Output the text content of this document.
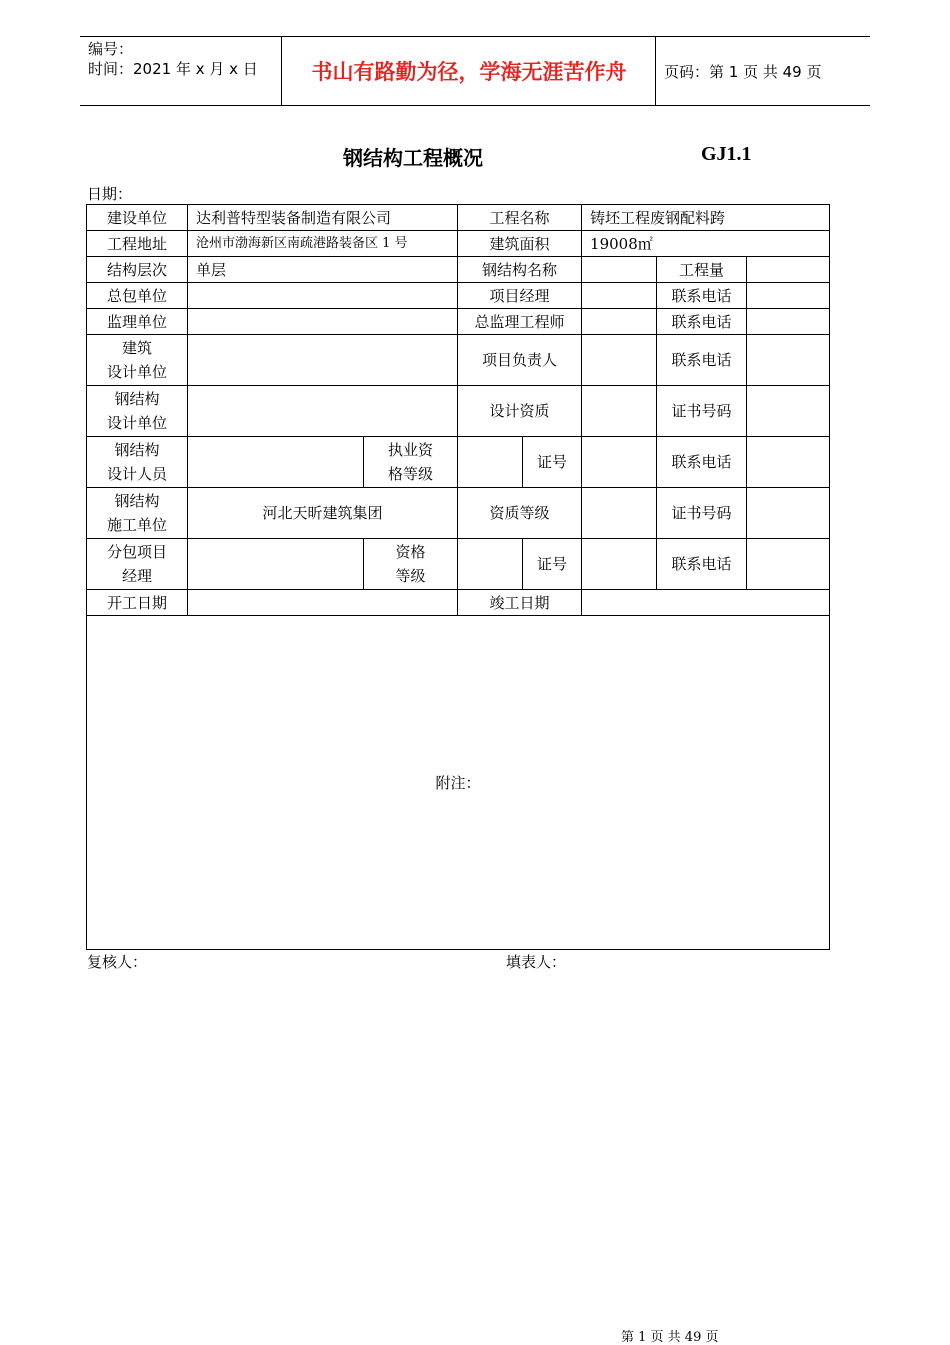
编号：
时间：2021 年 x 月 x 日	书山有路勤为径，学海无涯苦作舟	页码：第 1 页 共 49 页
钢结构工程概况	GJ1.1
日期：
建设单位	达利普特型装备制造有限公司		工程名称		铸坯工程废钢配料跨		
工程地址	沧州市渤海新区南疏港路装备区 1 号		建筑面积		19008㎡		
结构层次	单层		钢结构名称			工程量	
总包单位			项目经理			联系电话	
监理单位			总监理工程师			联系电话	
建筑
设计单位			项目负责人			联系电话	
钢结构
设计单位			设计资质			证书号码	
钢结构
设计人员		执业资
格等级		证号		联系电话	
钢结构
施工单位	河北天昕建筑集团		资质等级			证书号码	
分包项目
经理		资格
等级		证号		联系电话	
开工日期			竣工日期				
附注：							
复核人：	填表人：
第 1 页 共 49 页
